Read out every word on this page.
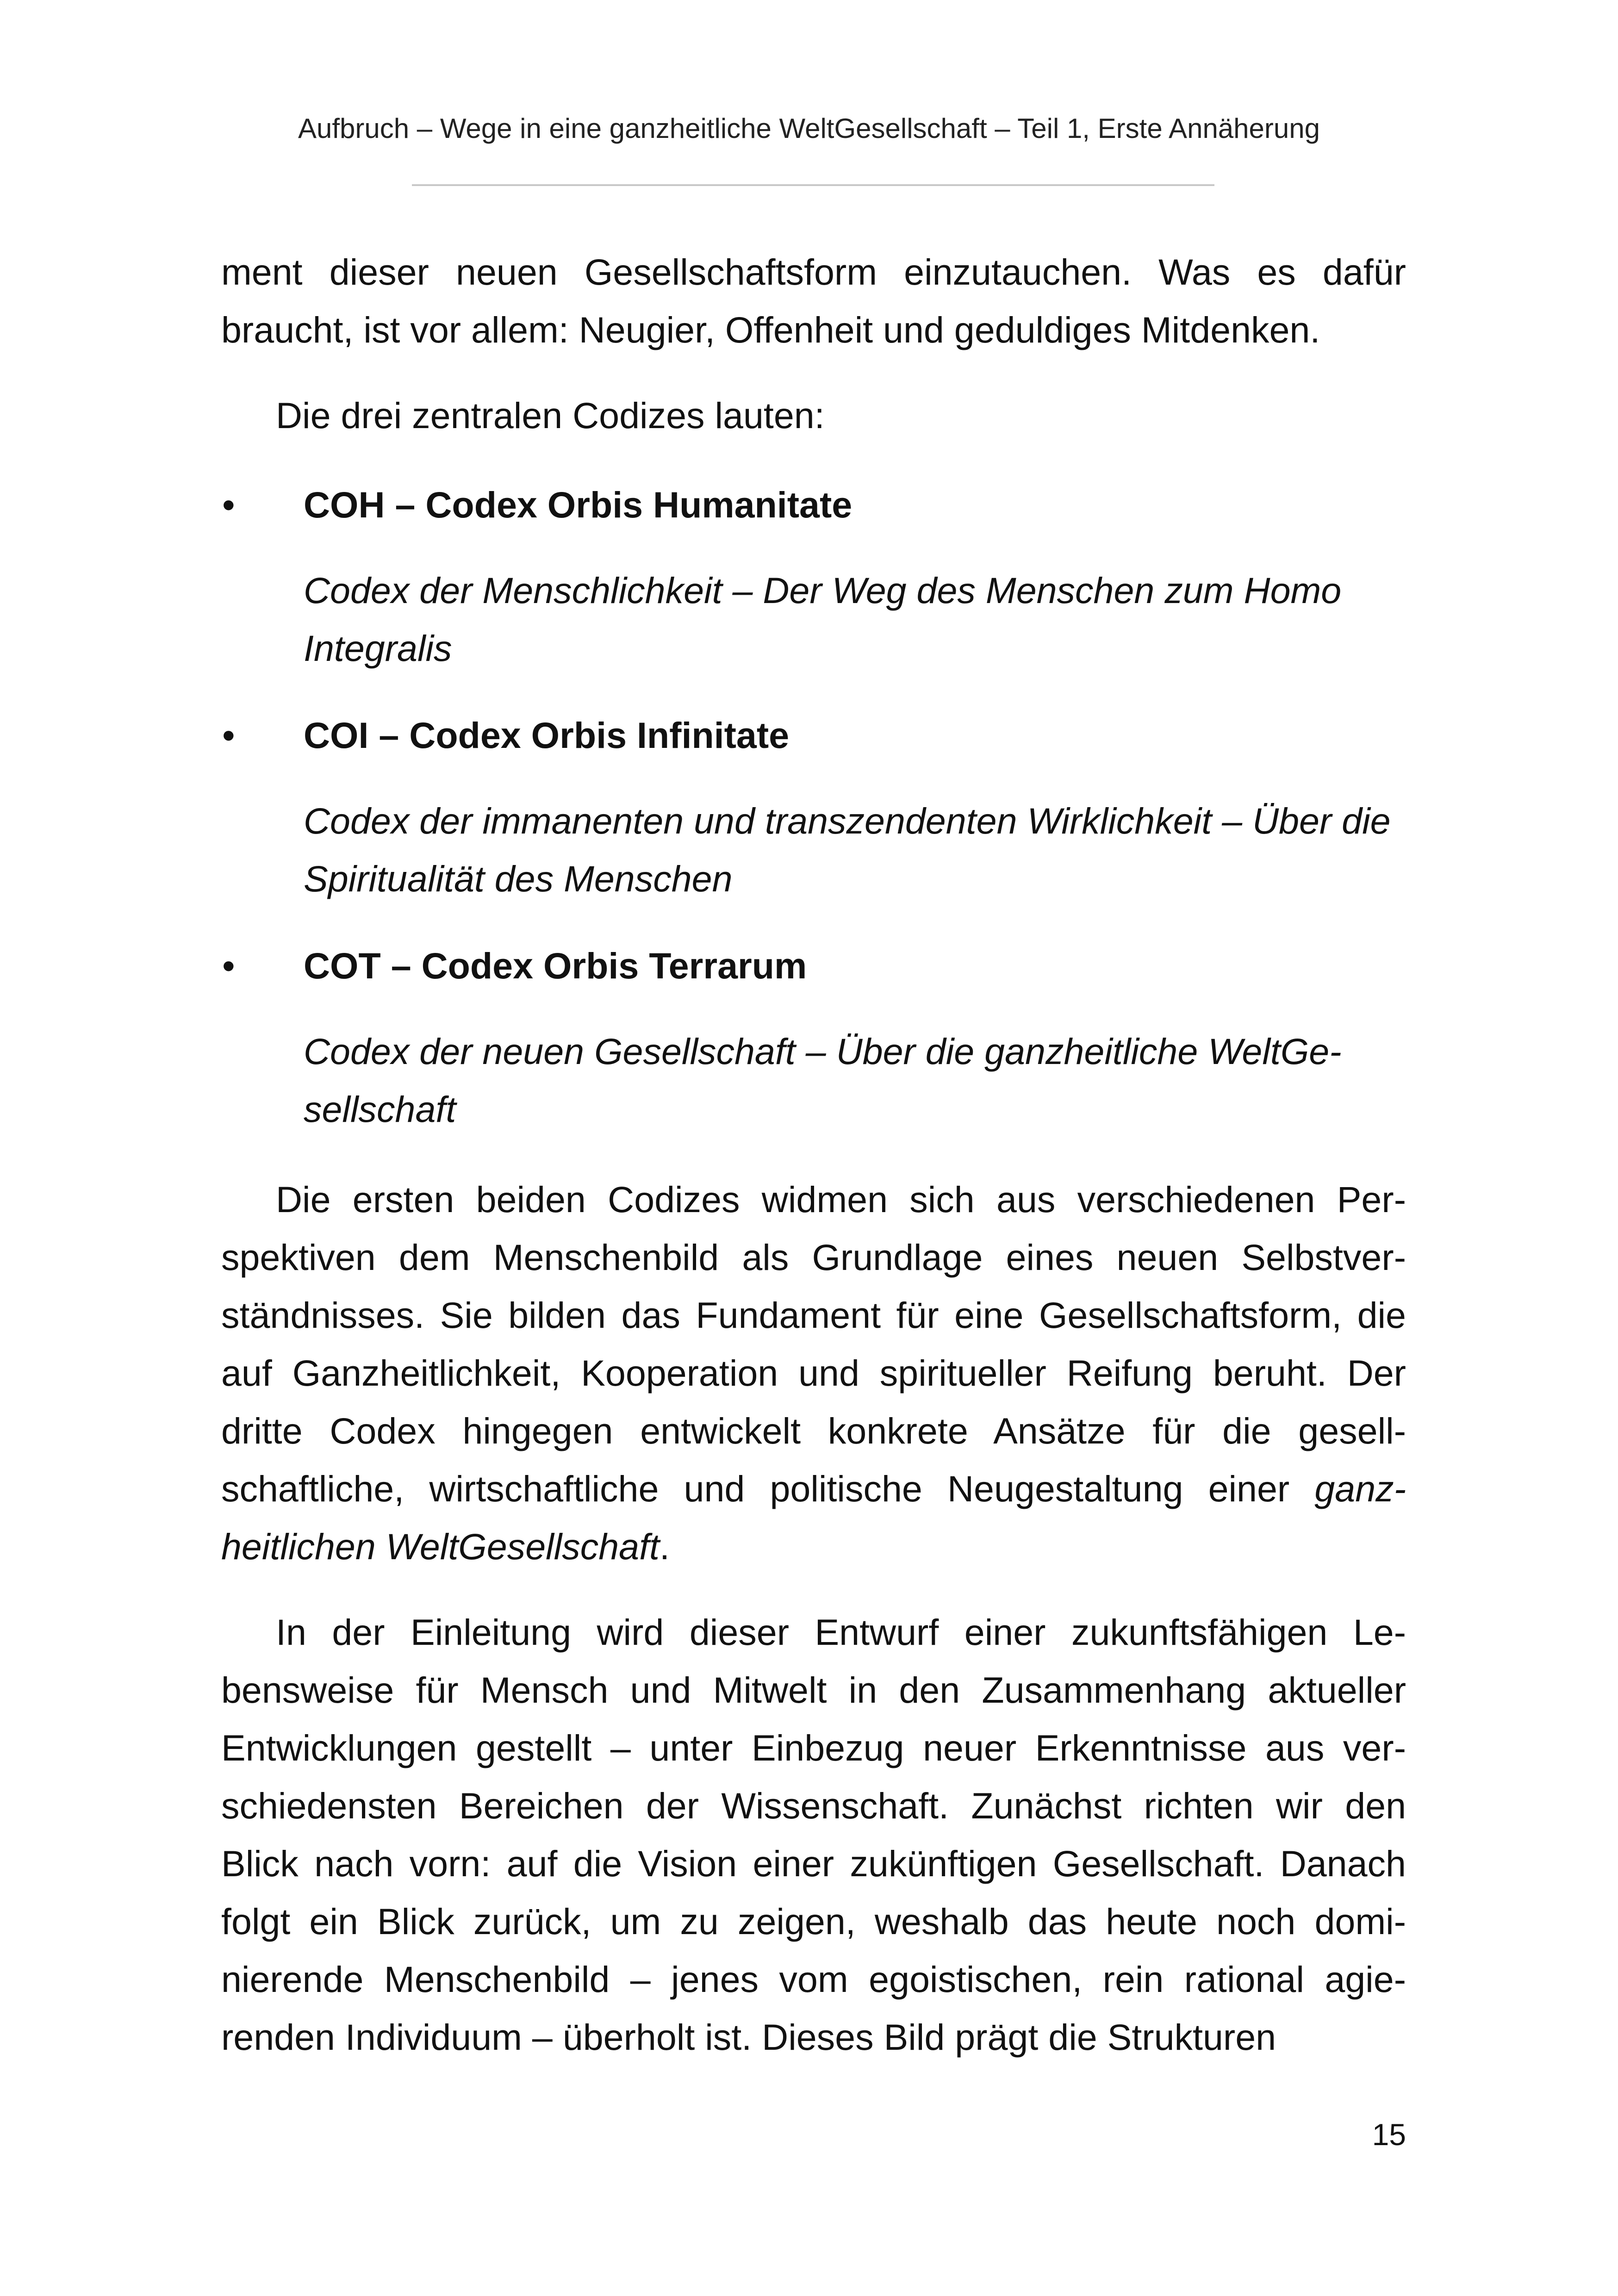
Aufbruch – Wege in eine ganzheitliche WeltGesellschaft – Teil 1, Erste Annäherung

ment dieser neuen Gesellschaftsform einzutauchen. Was es dafür braucht, ist vor allem: Neugier, Offenheit und geduldiges Mitdenken.

Die drei zentralen Codizes lauten:

• COH – Codex Orbis Humanitate
Codex der Menschlichkeit – Der Weg des Menschen zum Homo Integralis
• COI – Codex Orbis Infinitate
Codex der immanenten und transzendenten Wirklichkeit – Über die Spiritualität des Menschen
• COT – Codex Orbis Terrarum
Codex der neuen Gesellschaft – Über die ganzheitliche WeltGesellschaft

Die ersten beiden Codizes widmen sich aus verschiedenen Perspektiven dem Menschenbild als Grundlage eines neuen Selbstverständnisses. Sie bilden das Fundament für eine Gesellschaftsform, die auf Ganzheitlichkeit, Kooperation und spiritueller Reifung beruht. Der dritte Codex hingegen entwickelt konkrete Ansätze für die gesellschaftliche, wirtschaftliche und politische Neugestaltung einer ganzheitlichen WeltGesellschaft.

In der Einleitung wird dieser Entwurf einer zukunftsfähigen Lebensweise für Mensch und Mitwelt in den Zusammenhang aktueller Entwicklungen gestellt – unter Einbezug neuer Erkenntnisse aus verschiedensten Bereichen der Wissenschaft. Zunächst richten wir den Blick nach vorn: auf die Vision einer zukünftigen Gesellschaft. Danach folgt ein Blick zurück, um zu zeigen, weshalb das heute noch dominierende Menschenbild – jenes vom egoistischen, rein rational agierenden Individuum – überholt ist. Dieses Bild prägt die Strukturen

15
